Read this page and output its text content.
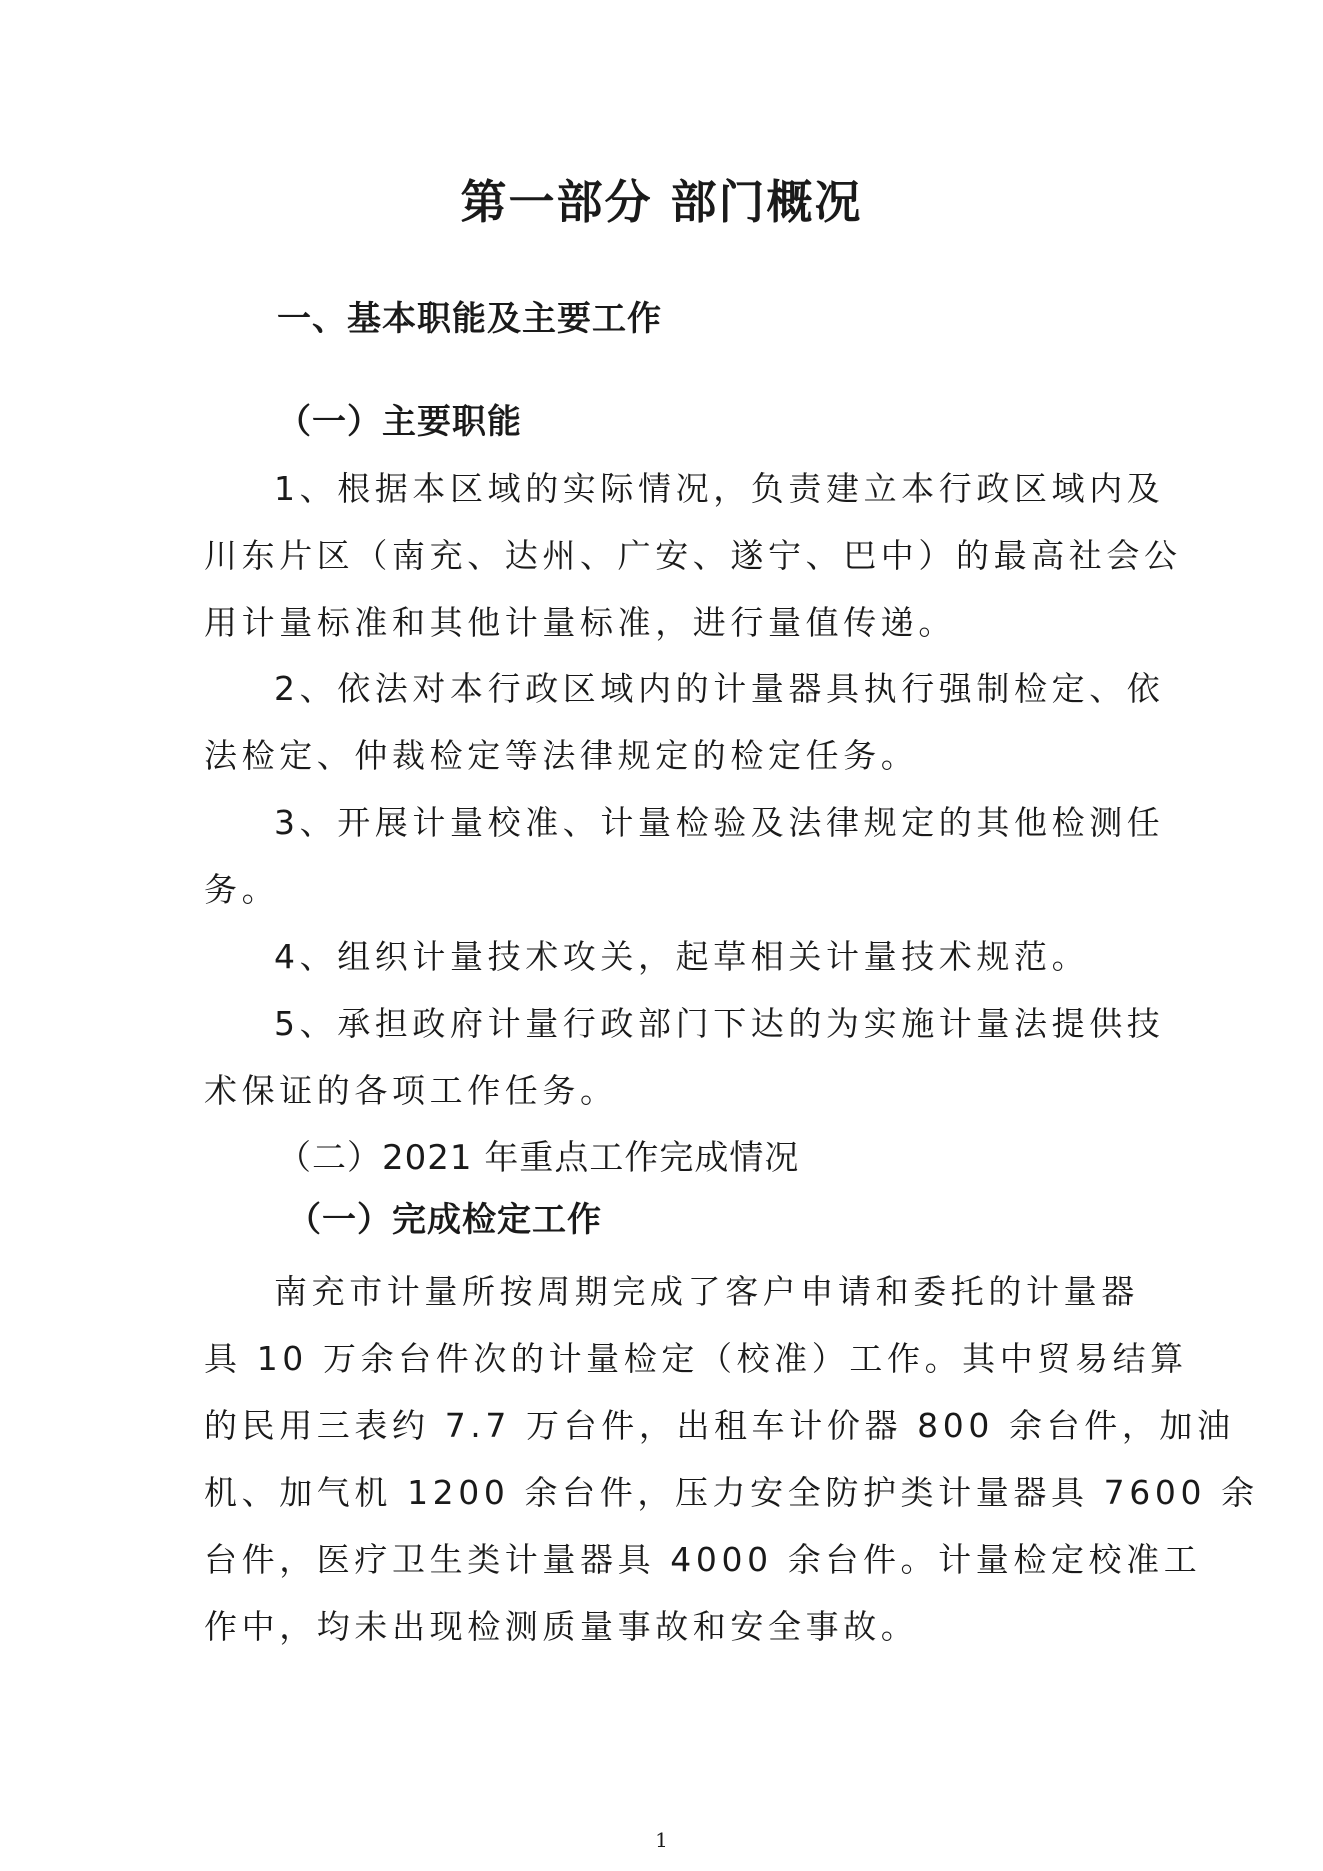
第一部分 部门概况
一、基本职能及主要工作
（一）主要职能
1、根据本区域的实际情况，负责建立本行政区域内及
川东片区（南充、达州、广安、遂宁、巴中）的最高社会公
用计量标准和其他计量标准，进行量值传递。
2、依法对本行政区域内的计量器具执行强制检定、依
法检定、仲裁检定等法律规定的检定任务。
3、开展计量校准、计量检验及法律规定的其他检测任
务。
4、组织计量技术攻关，起草相关计量技术规范。
5、承担政府计量行政部门下达的为实施计量法提供技
术保证的各项工作任务。
（二）2021 年重点工作完成情况
（一）完成检定工作
南充市计量所按周期完成了客户申请和委托的计量器
具 10 万余台件次的计量检定（校准）工作。其中贸易结算
的民用三表约 7.7 万台件，出租车计价器 800 余台件，加油
机、加气机 1200 余台件，压力安全防护类计量器具 7600 余
台件，医疗卫生类计量器具 4000 余台件。计量检定校准工
作中，均未出现检测质量事故和安全事故。
1
